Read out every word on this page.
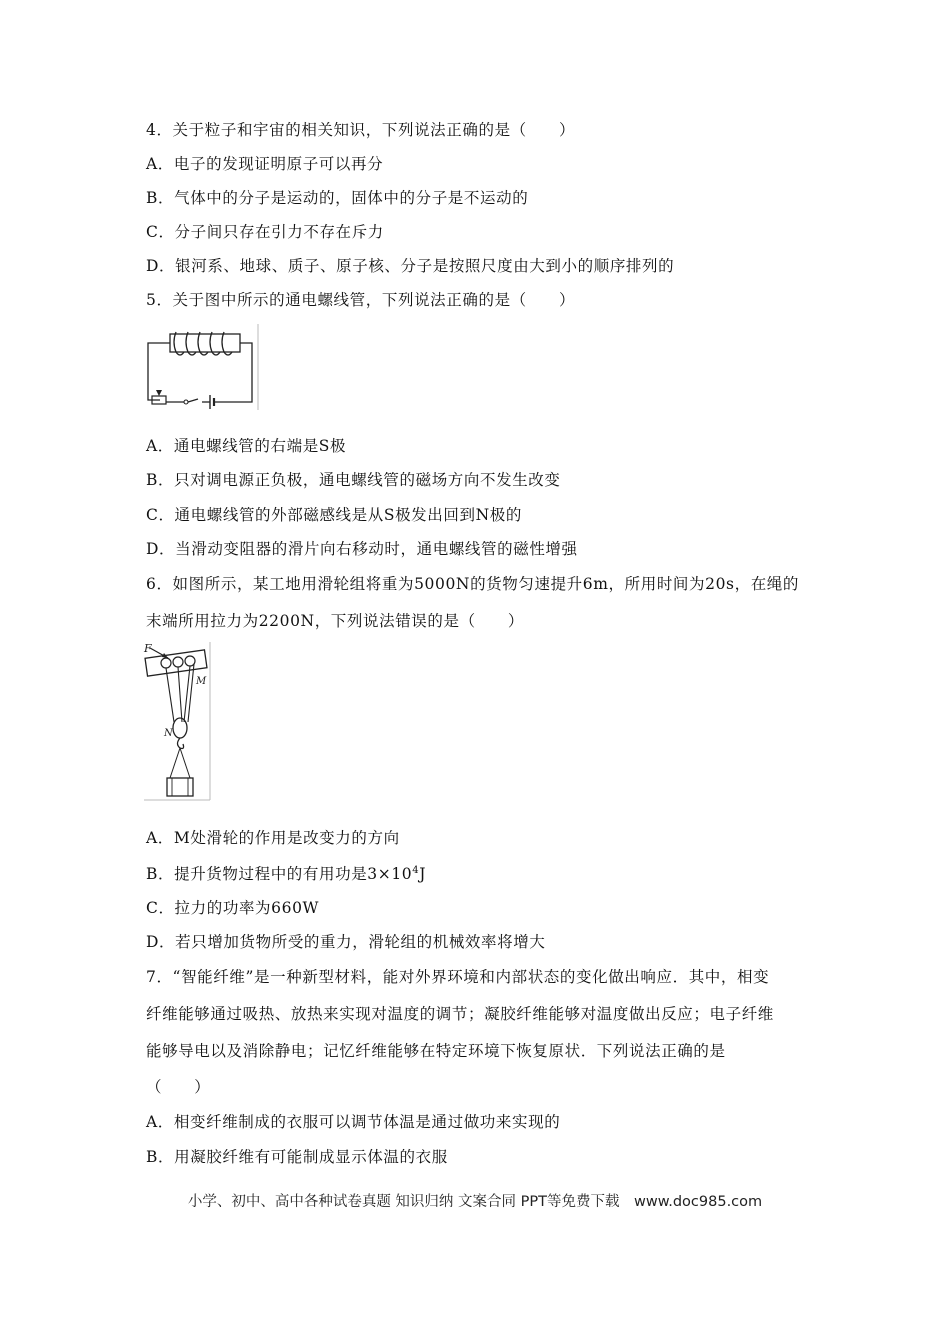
4．关于粒子和宇宙的相关知识，下列说法正确的是（　　）
A．电子的发现证明原子可以再分
B．气体中的分子是运动的，固体中的分子是不运动的
C．分子间只存在引力不存在斥力
D．银河系、地球、质子、原子核、分子是按照尺度由大到小的顺序排列的
5．关于图中所示的通电螺线管，下列说法正确的是（　　）
A．通电螺线管的右端是S极
B．只对调电源正负极，通电螺线管的磁场方向不发生改变
C．通电螺线管的外部磁感线是从S极发出回到N极的
D．当滑动变阻器的滑片向右移动时，通电螺线管的磁性增强
6．如图所示，某工地用滑轮组将重为5000N的货物匀速提升6m，所用时间为20s，在绳的
末端所用拉力为2200N，下列说法错误的是（　　）
F
M
N
A．M处滑轮的作用是改变力的方向
B．提升货物过程中的有用功是$3\times 10^4J$
C．拉力的功率为660W
D．若只增加货物所受的重力，滑轮组的机械效率将增大
7．“智能纤维”是一种新型材料，能对外界环境和内部状态的变化做出响应．其中，相变
纤维能够通过吸热、放热来实现对温度的调节；凝胶纤维能够对温度做出反应；电子纤维
能够导电以及消除静电；记忆纤维能够在特定环境下恢复原状．下列说法正确的是
（　　）
A．相变纤维制成的衣服可以调节体温是通过做功来实现的
B．用凝胶纤维有可能制成显示体温的衣服
小学、初中、高中各种试卷真题 知识归纳 文案合同 PPT等免费下载　www.doc985.com
